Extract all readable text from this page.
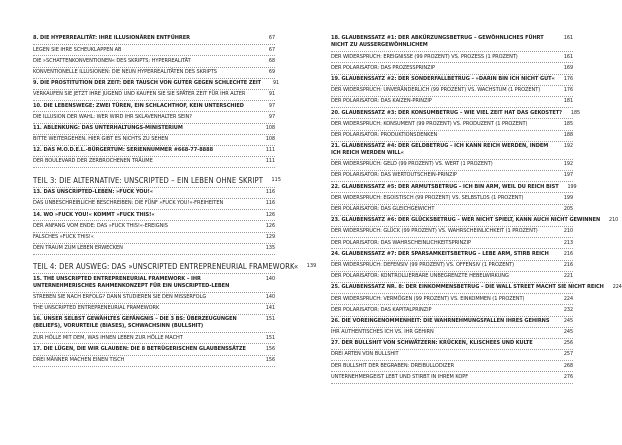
8. DIE HYPERREALITÄT: IHRE ILLUSIONÄREN ENTFÜHRER	67
LEGEN SIE IHRE SCHEUKLAPPEN AB	67
DIE »SCHATTENKONVENTIONEN« DES SKRIPTS: HYPERREALITÄT	68
KONVENTIONELLE ILLUSIONEN: DIE NEUN HYPERREALITÄTEN DES SKRIPTS	69
9. DIE PROSTITUTION DER ZEIT: DER TAUSCH VON GUTER GEGEN SCHLECHTE ZEIT	91
VERKAUFEN SIE JETZT IHRE JUGEND UND KAUFEN SIE SIE SPÄTER ZEIT FÜR IHR ALTER	91
10. DIE LEBENSWEGE: ZWEI TÜREN, EIN SCHLACHTHOF, KEIN UNTERSCHIED	97
DIE ILLUSION DER WAHL: WER WIRD IHR SKLAVENHALTER SEIN?	97
11. ABLENKUNG: DAS UNTERHALTUNGS-MINISTERIUM	108
BITTE WEITERGEHEN. HIER GIBT ES NICHTS ZU SEHEN	108
12. DAS M.O.D.E.L.-BÜRGERTUM: SERIENNUMMER #668-77-8888	111
DER BOULEVARD DER ZERBROCHENEN TRÄUME	111
TEIL 3: DIE ALTERNATIVE: UNSCRIPTED – EIN LEBEN OHNE SKRIPT	115
13. DAS UNSCRIPTED-LEBEN: »FUCK YOU!«	116
DAS UNBESCHREIBLICHE BESCHREIBEN: DIE FÜNF »FUCK YOU!«-FREIHEITEN	116
14. WO »FUCK YOU!« KOMMT »FUCK THIS!«	126
DER ANFANG VOM ENDE: DAS »FUCK THIS!«-EREIGNIS	126
FALSCHES »FUCK THIS!«	129
DEN TRAUM ZUM LEBEN ERWECKEN	135
TEIL 4: DER AUSWEG: DAS »UNSCRIPTED ENTREPRENEURIAL FRAMEWORK«	139
15. THE UNSCRIPTED ENTREPRENEURIAL FRAMEWORK – IHR UNTERNEHMERISCHES RAHMENKONZEPT FÜR EIN UNSCRIPTED-LEBEN
140
STREBEN SIE NACH ERFOLG? DANN STUDIEREN SIE DEN MISSERFOLG	140
THE UNSCRIPTED ENTREPRENEURIAL FRAMEWORK	141
16. UNSER SELBST GEWÄHLTES GEFÄNGNIS – DIE 3 BS: ÜBERZEUGUNGEN (BELIEFS), VORURTEILE (BIASES), SCHWACHSINN (BULLSHIT)
151
ZUR HÖLLE MIT DEM, WAS IHNEN LEBEN ZUR HÖLLE MACHT	151
17. DIE LÜGEN, DIE WIR GLAUBEN: DIE 8 BETRÜGERISCHEN GLAUBENSSÄTZE	156
DREI MÄNNER MACHEN EINEN TISCH	156
18. GLAUBENSSATZ #1: DER ABKÜRZUNGSBETRUG – GEWÖHNLICHES FÜHRT NICHT ZU AUSSERGEWÖHNLICHEM
161
DER WIDERSPRUCH: EREIGNISSE (99 PROZENT) VS. PROZESS (1 PROZENT)	161
DER POLARISATOR: DAS PROZESSPRINZIP	169
19. GLAUBENSSATZ #2: DER SONDERFALLBETRUG – »DARIN BIN ICH NICHT GUT«	176
DER WIDERSPRUCH: UNVERÄNDERLICH (99 PROZENT) VS. WACHSTUM (1 PROZENT)	176
DER POLARISATOR: DAS KAIZEN-PRINZIP	181
20. GLAUBENSSATZ #3: DER KONSUMBETRUG – WIE VIEL ZEIT HAT DAS GEKOSTET?	185
DER WIDERSPRUCH: KONSUMENT (99 PROZENT) VS. PRODUZENT (1 PROZENT)	185
DER POLARISATOR: PRODUKTIONSDENKEN	188
21. GLAUBENSSATZ #4: DER GELDBETRUG – ICH KANN REICH WERDEN, INDEM ICH REICH WERDEN WILL«
192
DER WIDERSPRUCH: GELD (99 PROZENT) VS. WERT (1 PROZENT)	192
DER POLARISATOR: DAS WERTOUTSCHEIN-PRINZIP	197
22. GLAUBENSSATZ #5: DER ARMUTSBETRUG – ICH BIN ARM, WEIL DU REICH BIST	199
DER WIDERSPRUCH: EGOISTISCH (99 PROZENT) VS. SELBSTLOS (1 PROZENT)	199
DER POLARISATOR: DAS GLEICHGEWICHT	205
23. GLAUBENSSATZ #6: DER GLÜCKSBETRUG – WER NICHT SPIELT, KANN AUCH NICHT GEWINNEN	210
DER WIDERSPRUCH: GLÜCK (99 PROZENT) VS. WAHRSCHEINLICHKEIT (1 PROZENT)	210
DER POLARISATOR: DAS WAHRSCHEINLICHKEITSPRINZIP	213
24. GLAUBENSSATZ #7: DER SPARSAMKEITSBETRUG – LEBE ARM, STIRB REICH	216
DER WIDERSPRUCH: DEFENSIV (99 PROZENT) VS. OFFENSIV (1 PROZENT)	216
DER POLARISATOR: KONTROLLIERBARE UNBEGRENZTE HEBELWIRKUNG	221
25. GLAUBENSSATZ NR. 8: DER EINKOMMENSBETRUG – DIE WALL STREET MACHT SIE NICHT REICH	224
DER WIDERSPRUCH: VERMÖGEN (99 PROZENT) VS. EINKOMMEN (1 PROZENT)	224
DER POLARISATOR: DAS KAPITALPRINZIP	232
26. DIE VOREINGENOMMENHEIT: DIE WAHRNEHMUNGSFALLEN IHRES GEHIRNS	245
IHR AUTHENTISCHES ICH VS. IHR GEHIRN	245
27. DER BULLSHIT VON SCHWÄTZERN: KRÜCKEN, KLISCHEES UND KULTE	256
DREI ARTEN VON BULLSHIT	257
DER BULLSHIT DER BEGRABEN: DREIBULLODIZER	268
UNTERNEHMERGEIST LEBT UND STIRBT IN IHREM KOPF	276
